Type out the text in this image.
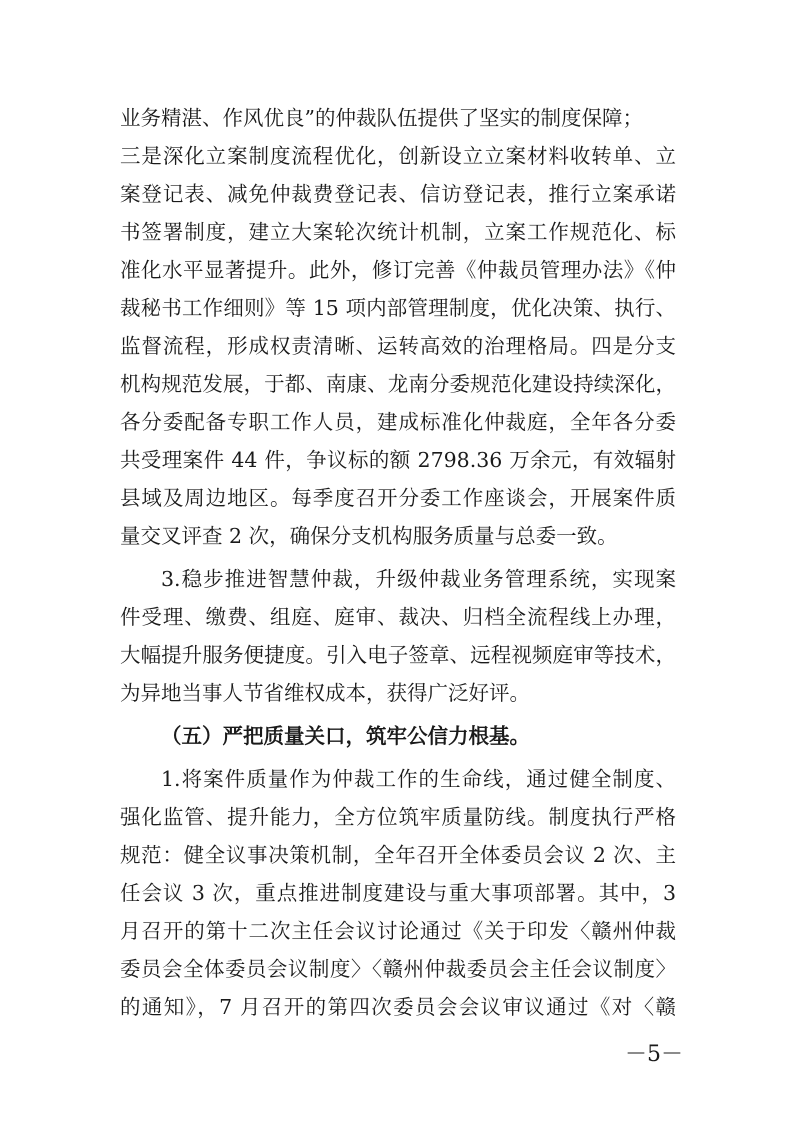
业务精湛、作风优良”的仲裁队伍提供了坚实的制度保障；
三是深化立案制度流程优化，创新设立立案材料收转单、立
案登记表、减免仲裁费登记表、信访登记表，推行立案承诺
书签署制度，建立大案轮次统计机制，立案工作规范化、标
准化水平显著提升。此外，修订完善《仲裁员管理办法》《仲
裁秘书工作细则》等 15 项内部管理制度，优化决策、执行、
监督流程，形成权责清晰、运转高效的治理格局。四是分支
机构规范发展，于都、南康、龙南分委规范化建设持续深化，
各分委配备专职工作人员，建成标准化仲裁庭，全年各分委
共受理案件 44 件，争议标的额 2798.36 万余元，有效辐射
县域及周边地区。每季度召开分委工作座谈会，开展案件质
量交叉评查 2 次，确保分支机构服务质量与总委一致。
3.稳步推进智慧仲裁，升级仲裁业务管理系统，实现案
件受理、缴费、组庭、庭审、裁决、归档全流程线上办理，
大幅提升服务便捷度。引入电子签章、远程视频庭审等技术，
为异地当事人节省维权成本，获得广泛好评。
（五）严把质量关口，筑牢公信力根基。
1.将案件质量作为仲裁工作的生命线，通过健全制度、
强化监管、提升能力，全方位筑牢质量防线。制度执行严格
规范：健全议事决策机制，全年召开全体委员会议 2 次、主
任会议 3 次，重点推进制度建设与重大事项部署。其中，3
月召开的第十二次主任会议讨论通过《关于印发〈赣州仲裁
委员会全体委员会议制度〉〈赣州仲裁委员会主任会议制度〉
的通知》，7 月召开的第四次委员会会议审议通过《对〈赣
－5－
